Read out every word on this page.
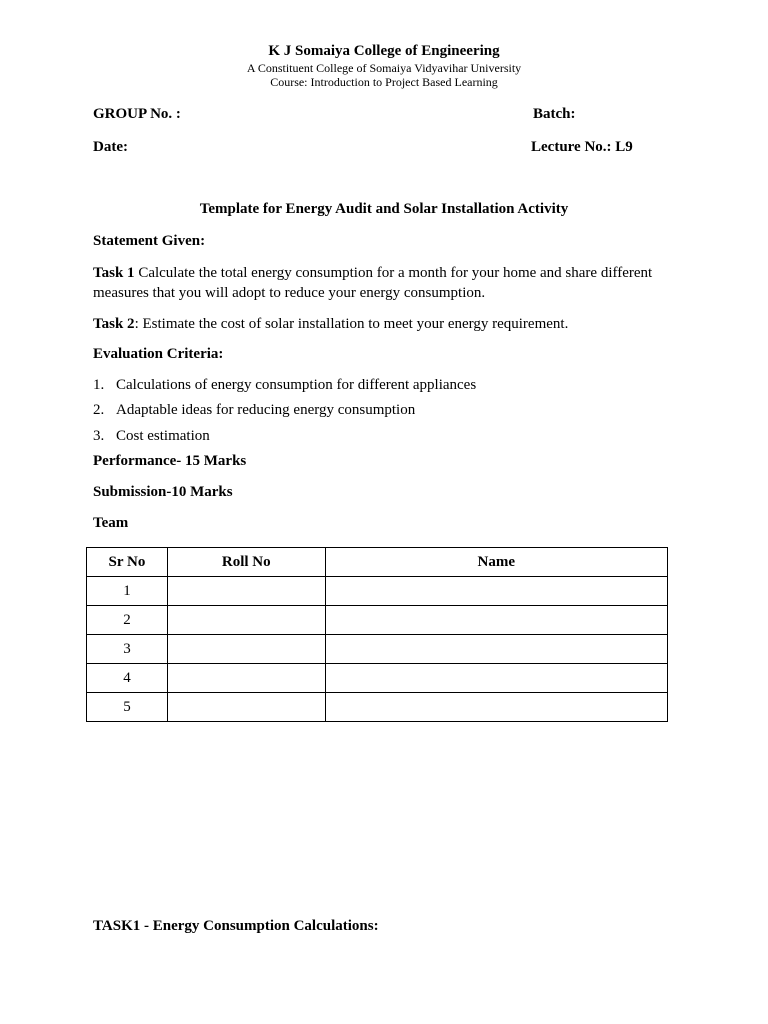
K J Somaiya College of Engineering
A Constituent College of Somaiya Vidyavihar University
Course: Introduction to Project Based Learning
GROUP No. :	Batch:
Date:	Lecture No.: L9
Template for Energy Audit and Solar Installation Activity
Statement Given:
Task 1 Calculate the total energy consumption for a month for your home and share different measures that you will adopt to reduce your energy consumption.
Task 2: Estimate the cost of solar installation to meet your energy requirement.
Evaluation Criteria:
1. Calculations of energy consumption for different appliances
2. Adaptable ideas for reducing energy consumption
3. Cost estimation
Performance- 15 Marks
Submission-10 Marks
Team
Sr No	Roll No	Name
1		
2		
3		
4		
5		
TASK1 - Energy Consumption Calculations:
